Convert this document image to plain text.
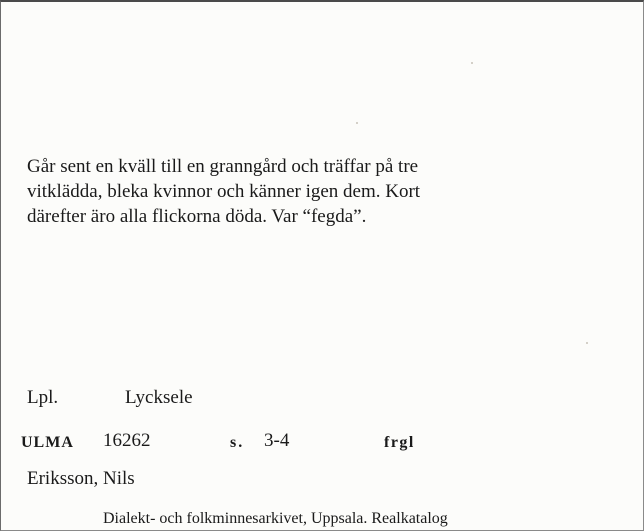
Går sent en kväll till en granngård och träffar på tre
vitklädda, bleka kvinnor och känner igen dem. Kort
därefter äro alla flickorna döda. Var “fegda”.
Lpl.	Lycksele
ULMA 16262	s. 3-4	frgl
Eriksson, Nils
Dialekt- och folkminnesarkivet, Uppsala. Realkatalog
